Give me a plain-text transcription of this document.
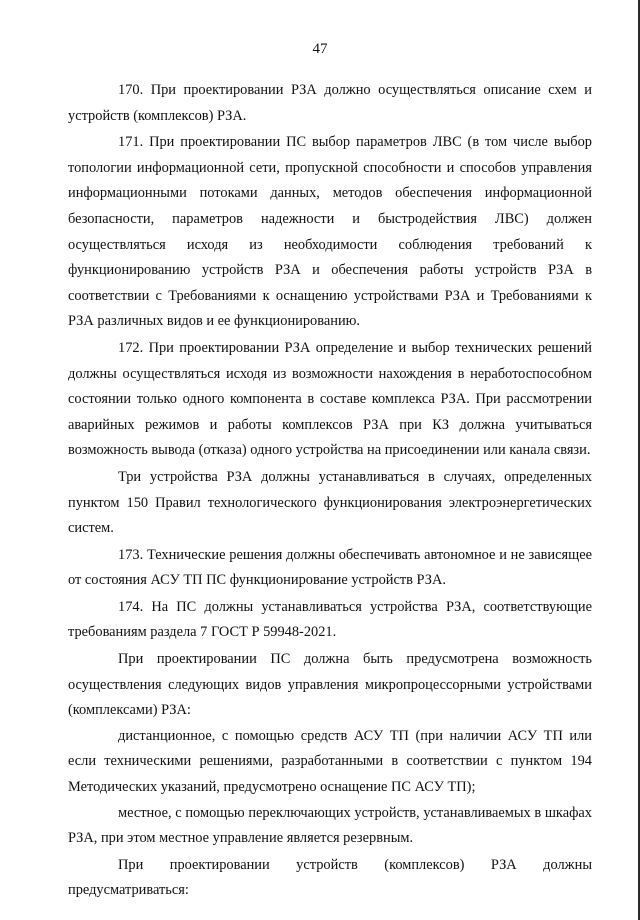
47

170. При проектировании РЗА должно осуществляться описание схем и устройств (комплексов) РЗА.

171. При проектировании ПС выбор параметров ЛВС (в том числе выбор топологии информационной сети, пропускной способности и способов управления информационными потоками данных, методов обеспечения информационной безопасности, параметров надежности и быстродействия ЛВС) должен осуществляться исходя из необходимости соблюдения требований к функционированию устройств РЗА и обеспечения работы устройств РЗА в соответствии с Требованиями к оснащению устройствами РЗА и Требованиями к РЗА различных видов и ее функционированию.

172. При проектировании РЗА определение и выбор технических решений должны осуществляться исходя из возможности нахождения в неработоспособном состоянии только одного компонента в составе комплекса РЗА. При рассмотрении аварийных режимов и работы комплексов РЗА при КЗ должна учитываться возможность вывода (отказа) одного устройства на присоединении или канала связи.

Три устройства РЗА должны устанавливаться в случаях, определенных пунктом 150 Правил технологического функционирования электроэнергетических систем.

173. Технические решения должны обеспечивать автономное и не зависящее от состояния АСУ ТП ПС функционирование устройств РЗА.

174. На ПС должны устанавливаться устройства РЗА, соответствующие требованиям раздела 7 ГОСТ Р 59948-2021.

При проектировании ПС должна быть предусмотрена возможность осуществления следующих видов управления микропроцессорными устройствами (комплексами) РЗА:

дистанционное, с помощью средств АСУ ТП (при наличии АСУ ТП или если техническими решениями, разработанными в соответствии с пунктом 194 Методических указаний, предусмотрено оснащение ПС АСУ ТП);

местное, с помощью переключающих устройств, устанавливаемых в шкафах РЗА, при этом местное управление является резервным.

При проектировании устройств (комплексов) РЗА должны предусматриваться:
